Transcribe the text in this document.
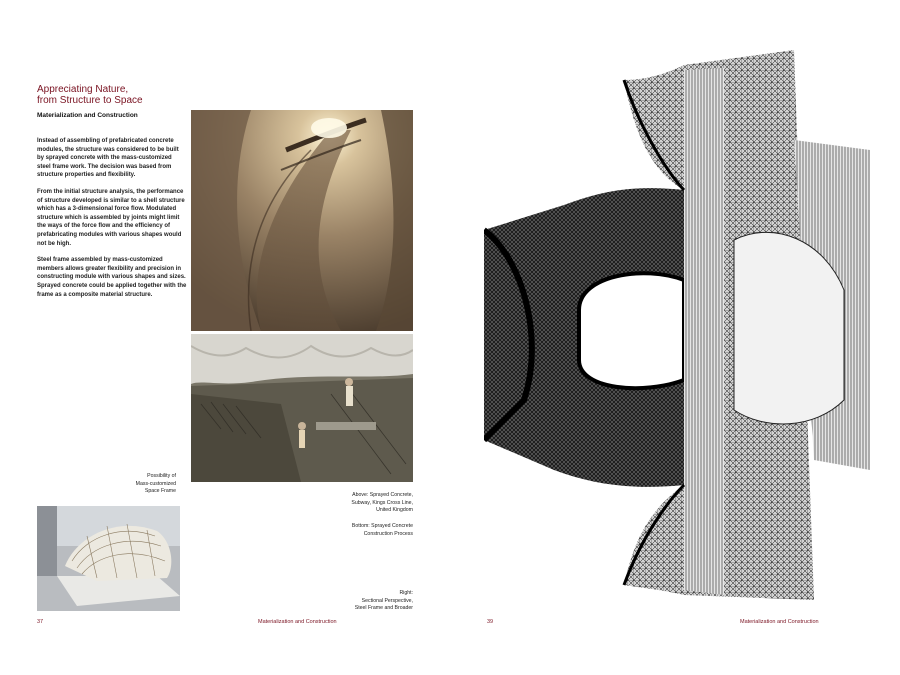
Appreciating Nature,
from Structure to Space
Materialization and Construction

Instead of assembling of prefabricated concrete modules, the structure was considered to be built by sprayed concrete with the mass-customized steel frame work. The decision was based from structure properties and flexibility.

From the initial structure analysis, the performance of structure developed is similar to a shell structure which has a 3-dimensional force flow. Modulated structure which is assembled by joints might limit the ways of the force flow and the efficiency of prefabricating modules with various shapes would not be high.

Steel frame assembled by mass-customized members allows greater flexibility and precision in constructing module with various shapes and sizes. Sprayed concrete could be applied together with the frame as a composite material structure.

Possibility of
Mass-customized
Space Frame
Above: Sprayed Concrete,
Subway, Kings Cross Line,
United Kingdom
Bottom: Sprayed Concrete
Construction Process
Right:
Sectional Perspective,
Steel Frame and Broader
37	Materialization and Construction	39	Materialization and Construction
